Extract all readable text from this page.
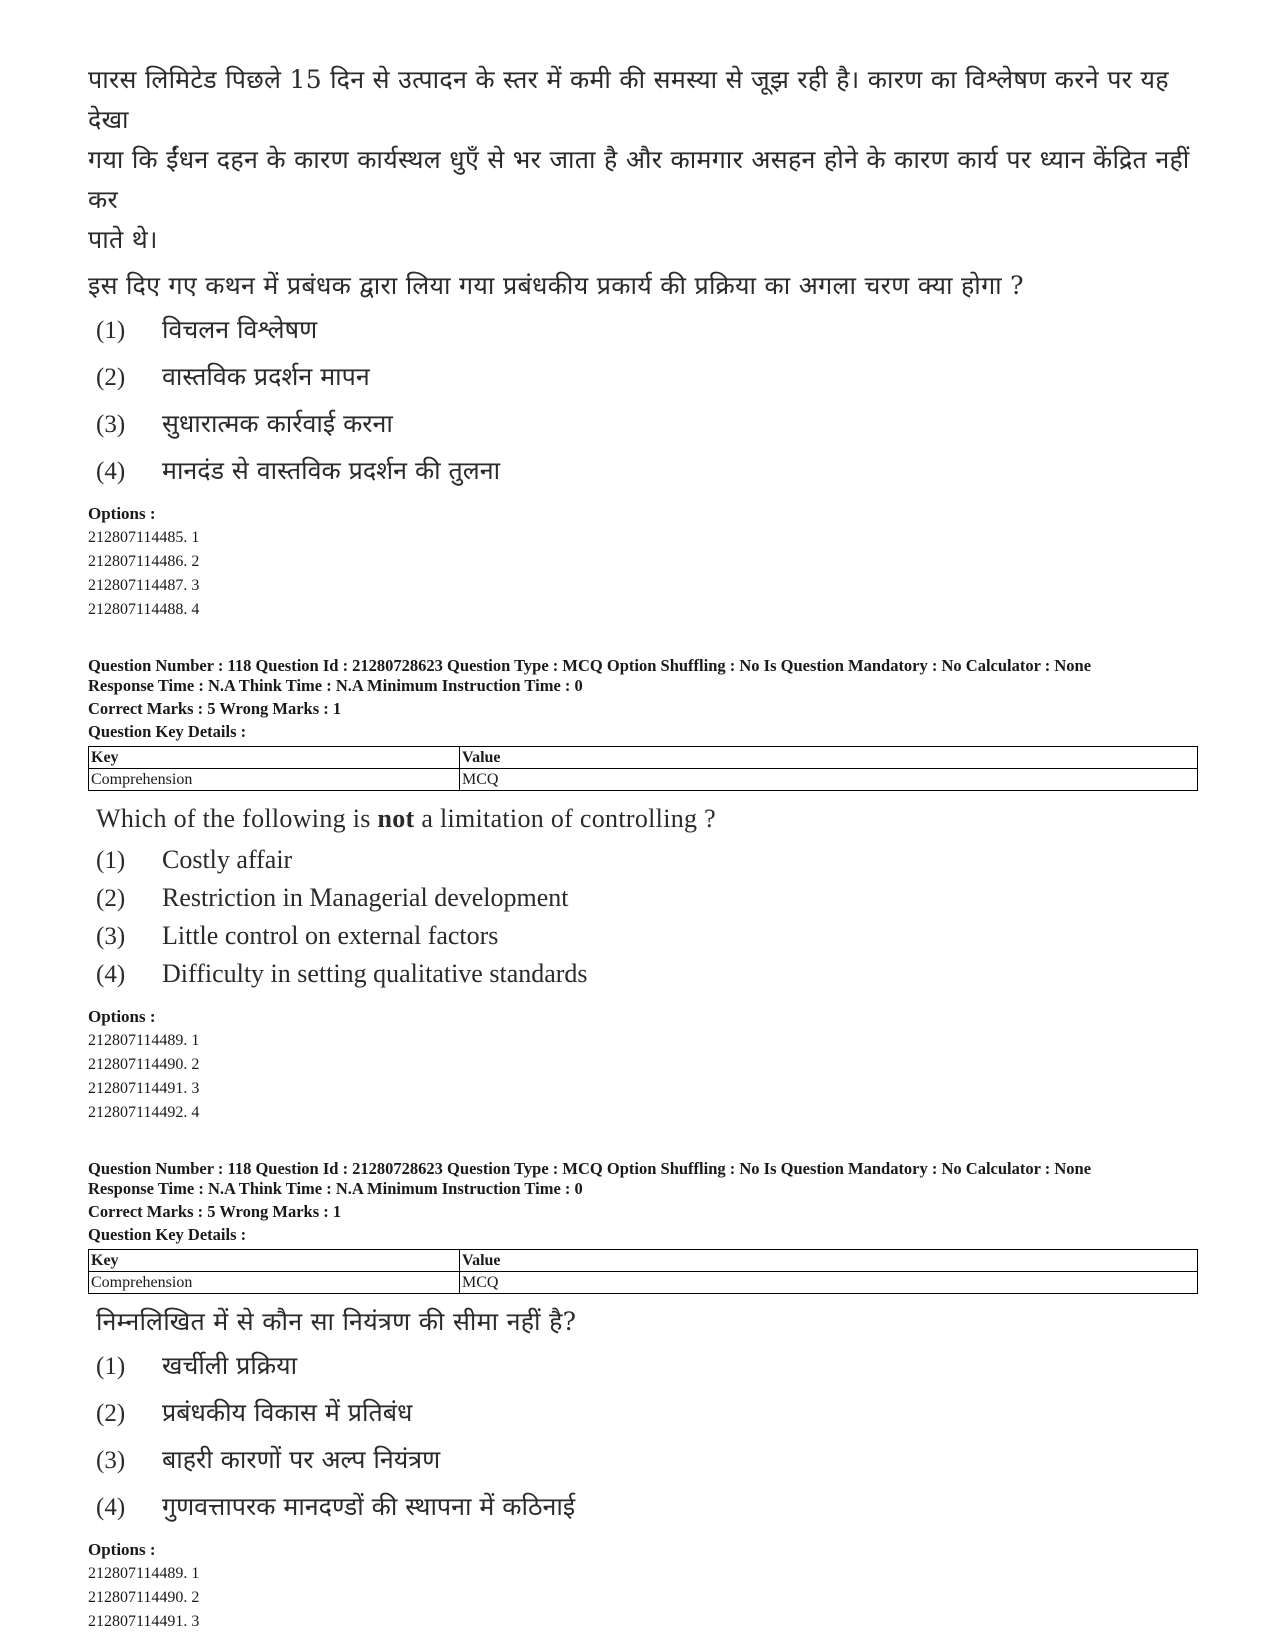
पारस लिमिटेड पिछले 15 दिन से उत्पादन के स्तर में कमी की समस्या से जूझ रही है। कारण का विश्लेषण करने पर यह देखा
गया कि ईंधन दहन के कारण कार्यस्थल धुएँ से भर जाता है और कामगार असहन होने के कारण कार्य पर ध्यान केंद्रित नहीं कर
पाते थे।
इस दिए गए कथन में प्रबंधक द्वारा लिया गया प्रबंधकीय प्रकार्य की प्रक्रिया का अगला चरण क्या होगा ?
(1)	विचलन विश्लेषण
(2)	वास्तविक प्रदर्शन मापन
(3)	सुधारात्मक कार्रवाई करना
(4)	मानदंड से वास्तविक प्रदर्शन की तुलना
Options :
212807114485. 1
212807114486. 2
212807114487. 3
212807114488. 4
Question Number : 118 Question Id : 21280728623 Question Type : MCQ Option Shuffling : No Is Question Mandatory : No Calculator : None
Response Time : N.A Think Time : N.A Minimum Instruction Time : 0
Correct Marks : 5 Wrong Marks : 1
Question Key Details :
Key	Value
Comprehension	MCQ
Which of the following is not a limitation of controlling ?
(1)	Costly affair
(2)	Restriction in Managerial development
(3)	Little control on external factors
(4)	Difficulty in setting qualitative standards
Options :
212807114489. 1
212807114490. 2
212807114491. 3
212807114492. 4
Question Number : 118 Question Id : 21280728623 Question Type : MCQ Option Shuffling : No Is Question Mandatory : No Calculator : None
Response Time : N.A Think Time : N.A Minimum Instruction Time : 0
Correct Marks : 5 Wrong Marks : 1
Question Key Details :
Key	Value
Comprehension	MCQ
निम्नलिखित में से कौन सा नियंत्रण की सीमा नहीं है?
(1)	खर्चीली प्रक्रिया
(2)	प्रबंधकीय विकास में प्रतिबंध
(3)	बाहरी कारणों पर अल्प नियंत्रण
(4)	गुणवत्तापरक मानदण्डों की स्थापना में कठिनाई
Options :
212807114489. 1
212807114490. 2
212807114491. 3
